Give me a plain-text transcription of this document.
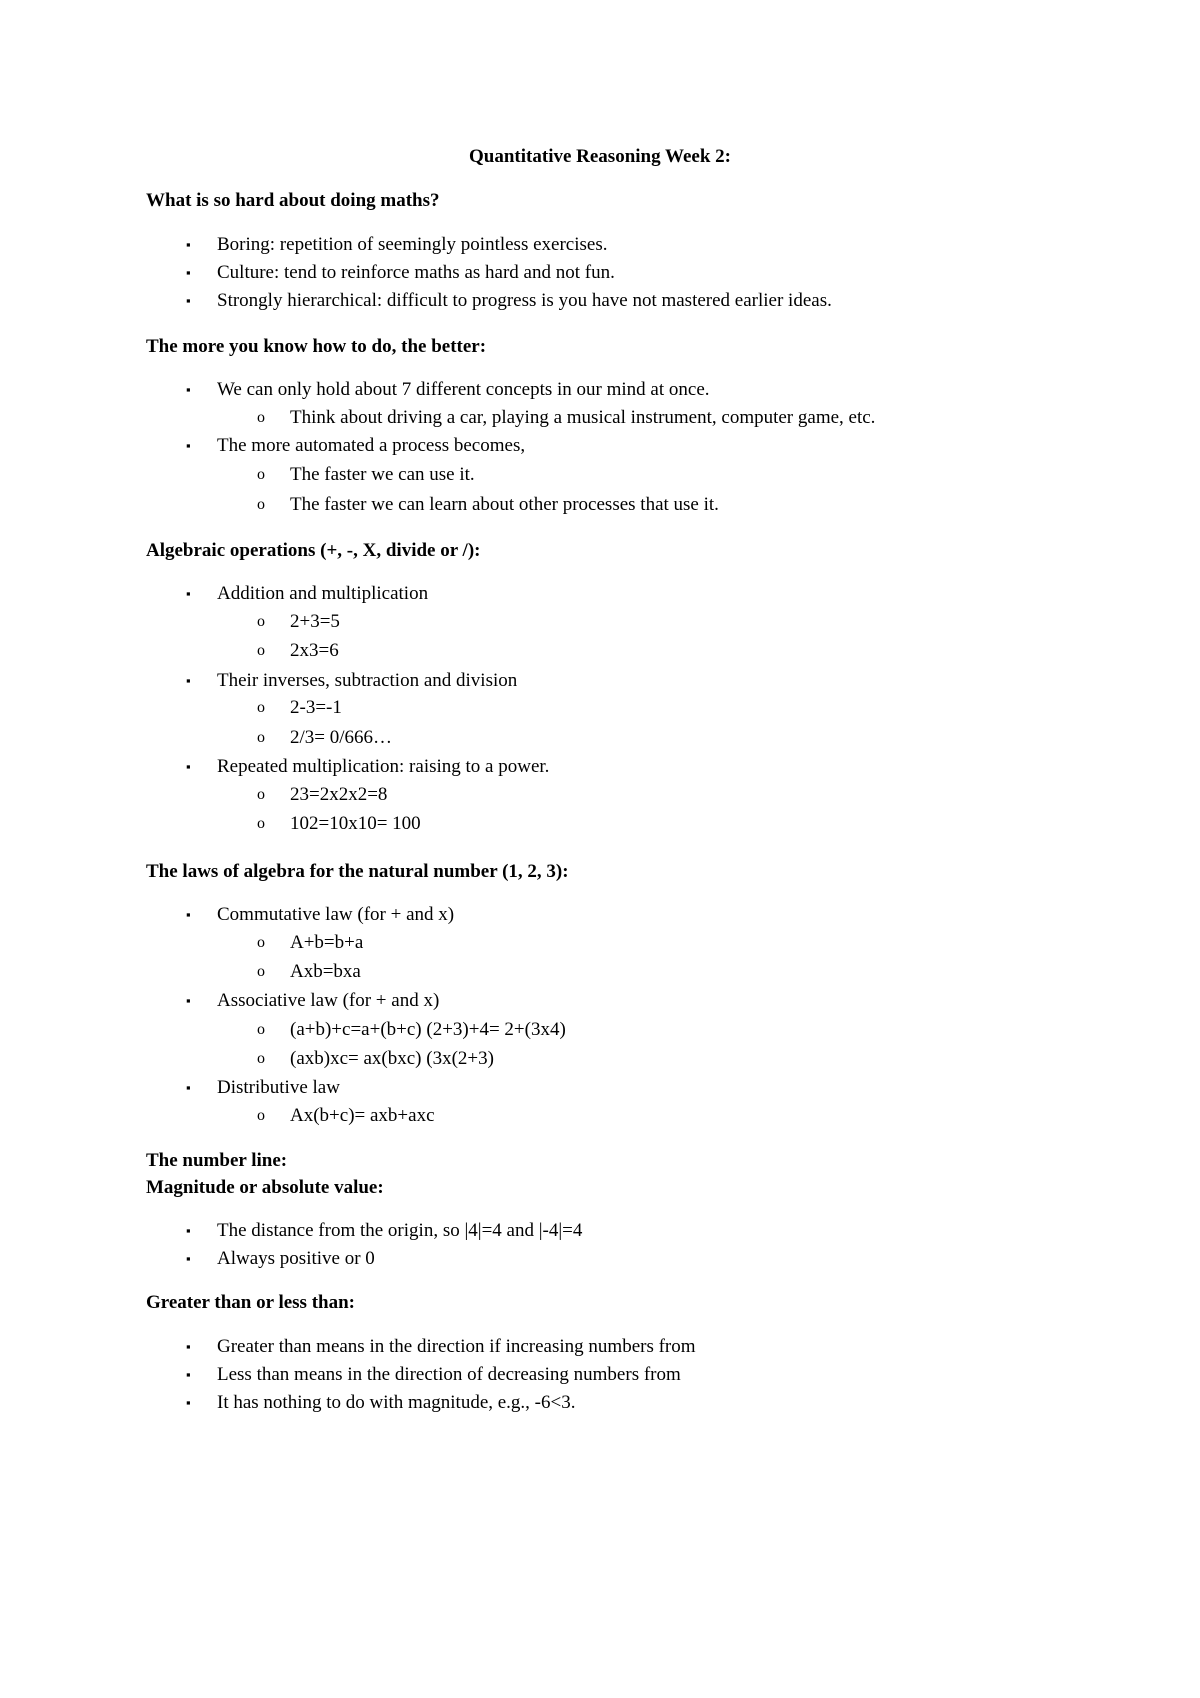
Quantitative Reasoning Week 2:
What is so hard about doing maths?
▪ Boring: repetition of seemingly pointless exercises.
▪ Culture: tend to reinforce maths as hard and not fun.
▪ Strongly hierarchical: difficult to progress is you have not mastered earlier ideas.
The more you know how to do, the better:
▪ We can only hold about 7 different concepts in our mind at once.
o Think about driving a car, playing a musical instrument, computer game, etc.
▪ The more automated a process becomes,
o The faster we can use it.
o The faster we can learn about other processes that use it.
Algebraic operations (+, -, X, divide or /):
▪ Addition and multiplication
o 2+3=5
o 2x3=6
▪ Their inverses, subtraction and division
o 2-3=-1
o 2/3= 0/666…
▪ Repeated multiplication: raising to a power.
o 23=2x2x2=8
o 102=10x10= 100
The laws of algebra for the natural number (1, 2, 3):
▪ Commutative law (for + and x)
o A+b=b+a
o Axb=bxa
▪ Associative law (for + and x)
o (a+b)+c=a+(b+c) (2+3)+4= 2+(3x4)
o (axb)xc= ax(bxc) (3x(2+3)
▪ Distributive law
o Ax(b+c)= axb+axc
The number line:
Magnitude or absolute value:
▪ The distance from the origin, so |4|=4 and |-4|=4
▪ Always positive or 0
Greater than or less than:
▪ Greater than means in the direction if increasing numbers from
▪ Less than means in the direction of decreasing numbers from
▪ It has nothing to do with magnitude, e.g., -6<3.
